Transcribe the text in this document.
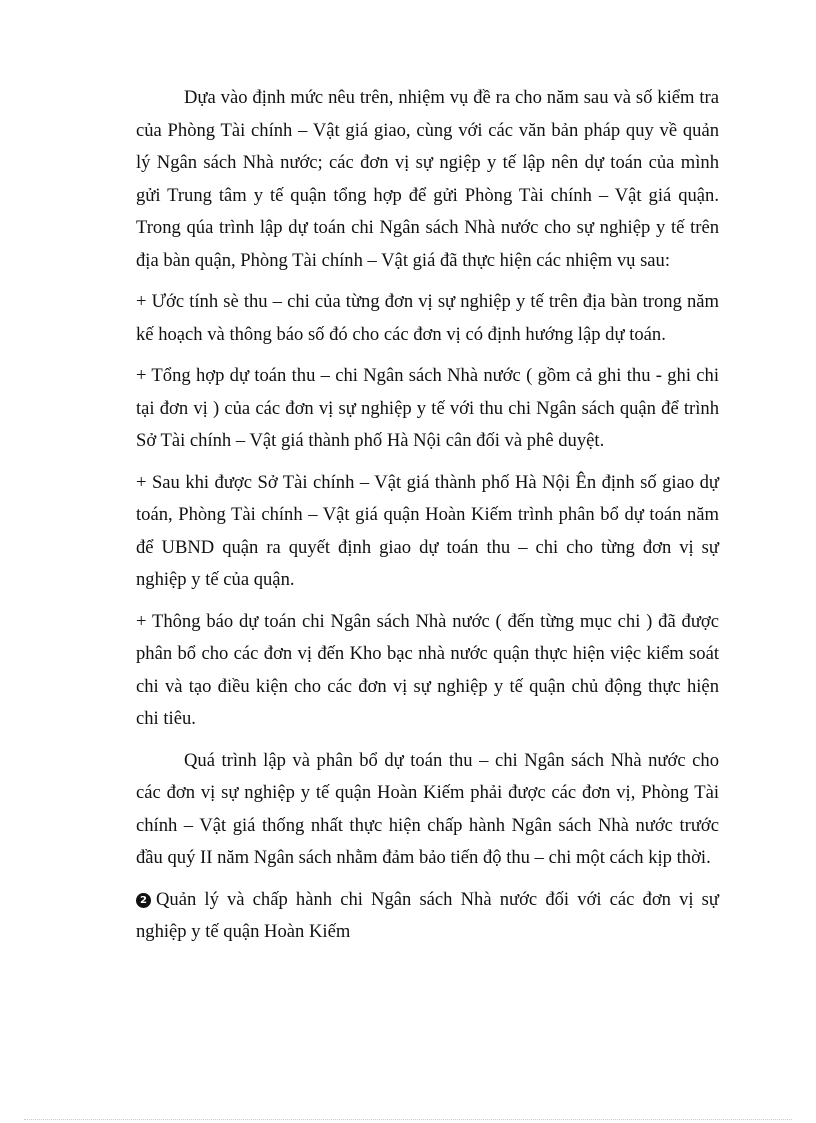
Dựa vào định mức nêu trên, nhiệm vụ đề ra cho năm sau và số kiểm tra của Phòng Tài chính – Vật giá giao, cùng với các văn bản pháp quy về quản lý Ngân sách Nhà nước; các đơn vị sự ngiệp y tế lập nên dự toán của mình gửi Trung tâm y tế quận tổng hợp để gửi Phòng Tài chính – Vật giá quận. Trong qúa trình lập dự toán chi Ngân sách Nhà nước cho sự nghiệp y tế trên địa bàn quận, Phòng Tài chính – Vật giá đã thực hiện các nhiệm vụ sau:

+ Ước tính sè thu – chi của từng đơn vị sự nghiệp y tế trên địa bàn trong năm kế hoạch và thông báo số đó cho các đơn vị có định hướng lập dự toán.

+ Tổng hợp dự toán thu – chi Ngân sách Nhà nước ( gồm cả ghi thu - ghi chi tại đơn vị ) của các đơn vị sự nghiệp y tế với thu chi Ngân sách quận để trình Sở Tài chính – Vật giá thành phố Hà Nội cân đối và phê duyệt.

+ Sau khi được Sở Tài chính – Vật giá thành phố Hà Nội Ên định số giao dự toán, Phòng Tài chính – Vật giá quận Hoàn Kiếm trình phân bổ dự toán năm để UBND quận ra quyết định giao dự toán thu – chi cho từng đơn vị sự nghiệp y tế của quận.

+ Thông báo dự toán chi Ngân sách Nhà nước ( đến từng mục chi ) đã được phân bổ cho các đơn vị đến Kho bạc nhà nước quận thực hiện việc kiểm soát chi và tạo điều kiện cho các đơn vị sự nghiệp y tế quận chủ động thực hiện chi tiêu.

Quá trình lập và phân bổ dự toán thu – chi Ngân sách Nhà nước cho các đơn vị sự nghiệp y tế quận Hoàn Kiếm phải được các đơn vị, Phòng Tài chính – Vật giá thống nhất thực hiện chấp hành Ngân sách Nhà nước trước đầu quý II năm Ngân sách nhằm đảm bảo tiến độ thu – chi một cách kịp thời.

2 Quản lý và chấp hành chi Ngân sách Nhà nước đối với các đơn vị sự nghiệp y tế quận Hoàn Kiếm
